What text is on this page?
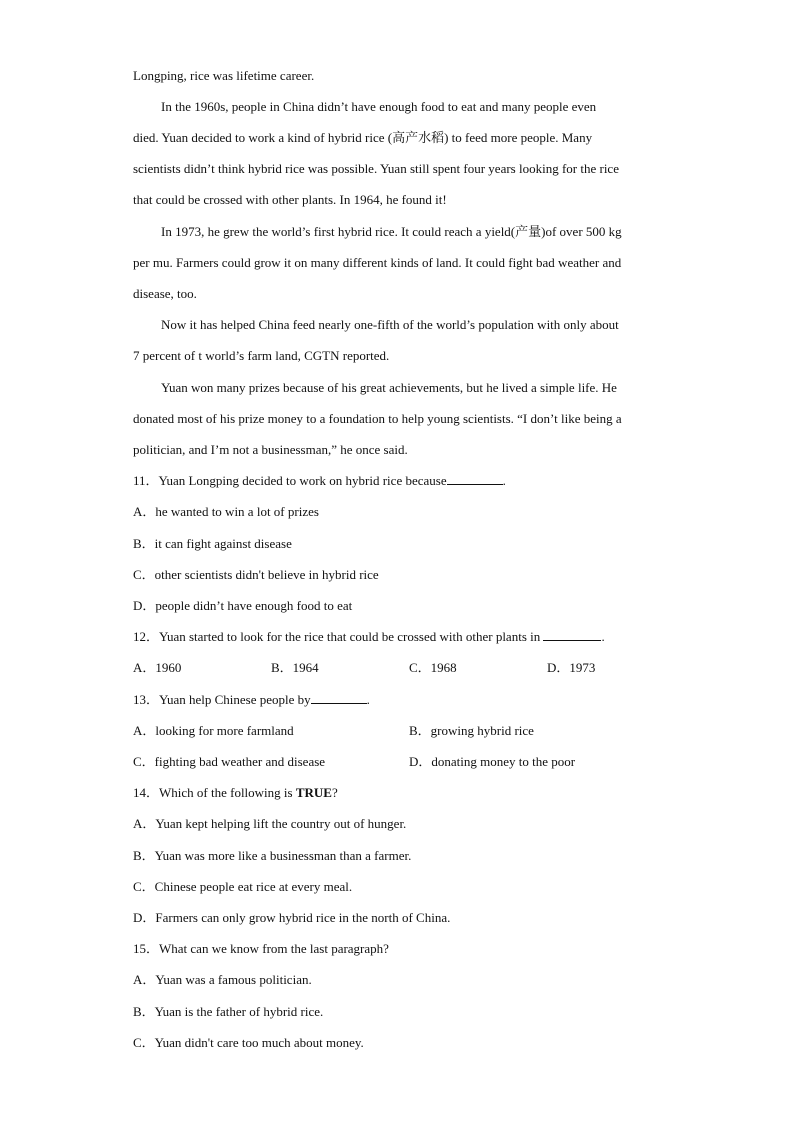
Longping, rice was lifetime career.
In the 1960s, people in China didn’t have enough food to eat and many people even
died. Yuan decided to work a kind of hybrid rice (高产水稻) to feed more people. Many
scientists didn’t think hybrid rice was possible. Yuan still spent four years looking for the rice
that could be crossed with other plants. In 1964, he found it!
In 1973, he grew the world’s first hybrid rice. It could reach a yield(产量)of over 500 kg
per mu. Farmers could grow it on many different kinds of land. It could fight bad weather and
disease, too.
Now it has helped China feed nearly one-fifth of the world’s population with only about
7 percent of t world’s farm land, CGTN reported.
Yuan won many prizes because of his great achievements, but he lived a simple life. He
donated most of his prize money to a foundation to help young scientists. “I don’t like being a
politician, and I’m not a businessman,” he once said.
11．Yuan Longping decided to work on hybrid rice because	.
A．he wanted to win a lot of prizes
B．it can fight against disease
C．other scientists didn't believe in hybrid rice
D．people didn’t have enough food to eat
12．Yuan started to look for the rice that could be crossed with other plants in	.
A．1960	B．1964	C．1968	D．1973
13．Yuan help Chinese people by	.
A．looking for more farmland	B．growing hybrid rice
C．fighting bad weather and disease	D．donating money to the poor
14．Which of the following is TRUE?
A．Yuan kept helping lift the country out of hunger.
B．Yuan was more like a businessman than a farmer.
C．Chinese people eat rice at every meal.
D．Farmers can only grow hybrid rice in the north of China.
15．What can we know from the last paragraph?
A．Yuan was a famous politician.
B．Yuan is the father of hybrid rice.
C．Yuan didn't care too much about money.
